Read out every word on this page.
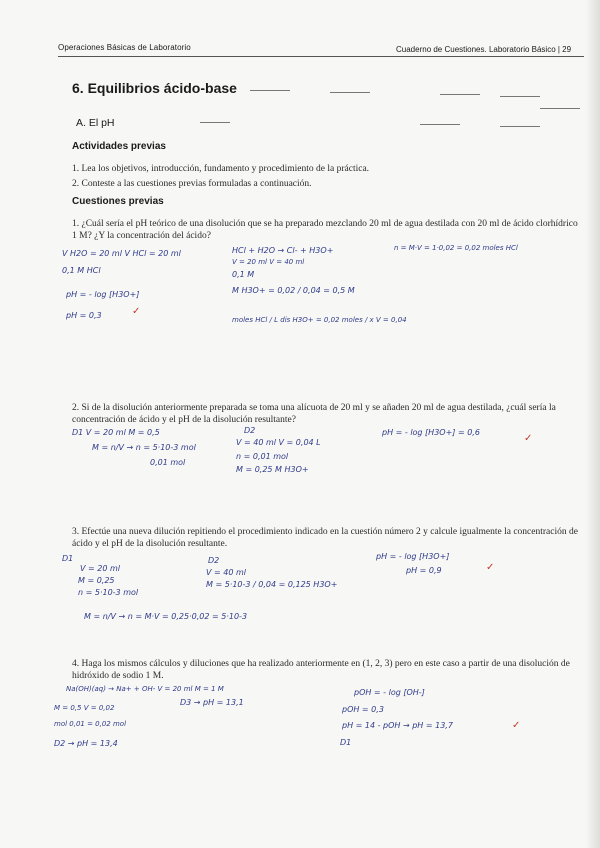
Operaciones Básicas de Laboratorio	Cuaderno de Cuestiones. Laboratorio Básico | 29
6. Equilibrios ácido-base
A. El pH
Actividades previas
1. Lea los objetivos, introducción, fundamento y procedimiento de la práctica.
2. Conteste a las cuestiones previas formuladas a continuación.
Cuestiones previas
1. ¿Cuál sería el pH teórico de una disolución que se ha preparado mezclando 20 ml de agua destilada con 20 ml de ácido clorhídrico 1 M? ¿Y la concentración del ácido?
V H2O = 20 ml V HCl = 20 ml
0,1 M HCl
pH = - log [H3O+]
pH = 0,3	✓
HCl + H2O → Cl- + H3O+
V = 20 ml V = 40 ml
0,1 M
M H3O+ = 0,02 / 0,04 = 0,5 M
moles HCl / L dis H3O+ = 0,02 moles / x V = 0,04
n = M·V = 1·0,02 = 0,02 moles HCl
2. Si de la disolución anteriormente preparada se toma una alícuota de 20 ml y se añaden 20 ml de agua destilada, ¿cuál sería la concentración de ácido y el pH de la disolución resultante?
D1 V = 20 ml M = 0,5
M = n/V → n = 5·10-3 mol
0,01 mol
D2
V = 40 ml V = 0,04 L
n = 0,01 mol
M = 0,25 M H3O+
pH = - log [H3O+] = 0,6
✓
3. Efectúe una nueva dilución repitiendo el procedimiento indicado en la cuestión número 2 y calcule igualmente la concentración de ácido y el pH de la disolución resultante.
D1
V = 20 ml
M = 0,25
n = 5·10-3 mol
D2
V = 40 ml
M = 5·10-3 / 0,04 = 0,125 H3O+
pH = - log [H3O+]
pH = 0,9	✓
M = n/V → n = M·V = 0,25·0,02 = 5·10-3
4. Haga los mismos cálculos y diluciones que ha realizado anteriormente en (1, 2, 3) pero en este caso a partir de una disolución de hidróxido de sodio 1 M.
Na(OH)(aq) → Na+ + OH- V = 20 ml M = 1 M
D3 → pH = 13,1
M = 0,5 V = 0,02
mol 0,01 = 0,02 mol
D2 → pH = 13,4
pOH = - log [OH-]
pOH = 0,3
pH = 14 - pOH → pH = 13,7	✓
D1
